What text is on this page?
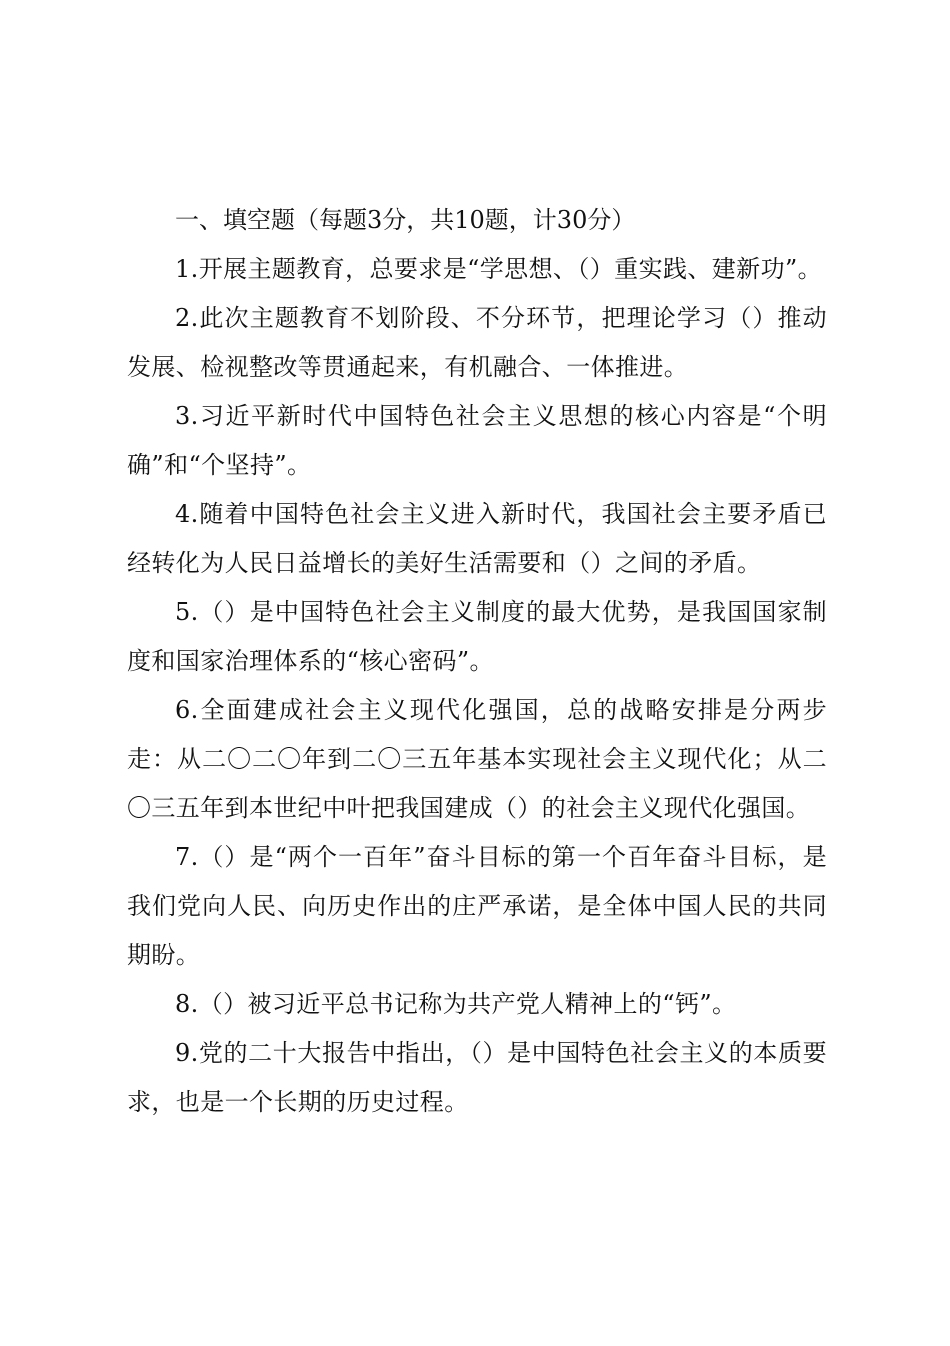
一、填空题（每题3分，共10题，计30分）

1.开展主题教育，总要求是“学思想、（）重实践、建新功”。

2.此次主题教育不划阶段、不分环节，把理论学习（）推动发展、检视整改等贯通起来，有机融合、一体推进。

3.习近平新时代中国特色社会主义思想的核心内容是“个明确”和“个坚持”。

4.随着中国特色社会主义进入新时代，我国社会主要矛盾已经转化为人民日益增长的美好生活需要和（）之间的矛盾。

5.（）是中国特色社会主义制度的最大优势，是我国国家制度和国家治理体系的“核心密码”。

6.全面建成社会主义现代化强国，总的战略安排是分两步走：从二〇二〇年到二〇三五年基本实现社会主义现代化；从二〇三五年到本世纪中叶把我国建成（）的社会主义现代化强国。

7.（）是“两个一百年”奋斗目标的第一个百年奋斗目标，是我们党向人民、向历史作出的庄严承诺，是全体中国人民的共同期盼。

8.（）被习近平总书记称为共产党人精神上的“钙”。

9.党的二十大报告中指出，（）是中国特色社会主义的本质要求，也是一个长期的历史过程。
